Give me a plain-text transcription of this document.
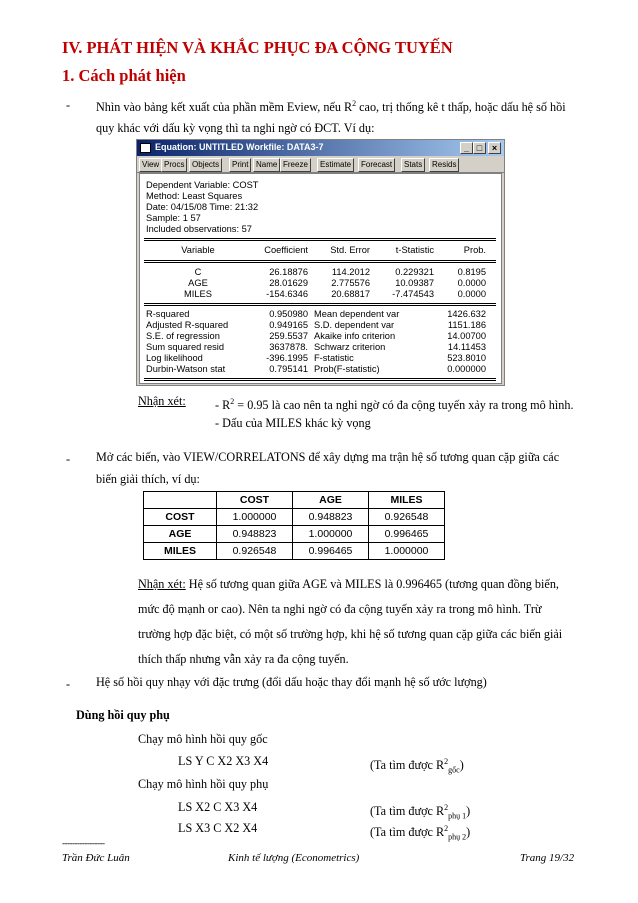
IV. PHÁT HIỆN VÀ KHẮC PHỤC ĐA CỘNG TUYẾN
1. Cách phát hiện
- Nhìn vào bảng kết xuất của phần mềm Eview, nếu $R^2$ cao, trị thống kê t thấp, hoặc dấu hệ số hồi
quy khác với dấu kỳ vọng thì ta nghi ngờ có ĐCT. Ví dụ:
Equation: UNTITLED Workfile: DATA3-7	_ □	×
View Procs Objects	Print Name Freeze	Estimate	Forecast	Stats	Resids
Dependent Variable: COST
Method: Least Squares
Date: 04/15/08 Time: 21:32
Sample: 1 57
Included observations: 57
Variable	Coefficient	Std. Error	t-Statistic	Prob.
C	26.18876	114.2012	0.229321	0.8195
AGE	28.01629	2.775576	10.09387	0.0000
MILES	-154.6346	20.68817	-7.474543	0.0000
R-squared	0.950980 Mean dependent var	1426.632
Adjusted R-squared	0.949165 S.D. dependent var	1151.186
S.E. of regression	259.5537 Akaike info criterion	14.00700
Sum squared resid	3637878. Schwarz criterion	14.11453
Log likelihood	-396.1995 F-statistic	523.8010
Durbin-Watson stat	0.795141 Prob(F-statistic)	0.000000
Nhận xét: - $R^2 = 0.95$ là cao nên ta nghi ngờ có đa cộng tuyến xảy ra trong mô hình.
- Dấu của MILES khác kỳ vọng
- Mở các biến, vào VIEW/CORRELATONS để xây dựng ma trận hệ số tương quan cặp giữa các
biến giải thích, ví dụ:
	COST	AGE	MILES
COST	1.000000	0.948823	0.926548
AGE	0.948823	1.000000	0.996465
MILES	0.926548	0.996465	1.000000
Nhận xét: Hệ số tương quan giữa AGE và MILES là 0.996465 (tương quan đồng biến,
mức độ mạnh or cao). Nên ta nghi ngờ có đa cộng tuyến xảy ra trong mô hình. Trừ
trường hợp đặc biệt, có một số trường hợp, khi hệ số tương quan cặp giữa các biến giải
thích thấp nhưng vẫn xảy ra đa cộng tuyến.
- Hệ số hồi quy nhạy với đặc trưng (đổi dấu hoặc thay đổi mạnh hệ số ước lượng)
Dùng hồi quy phụ
Chạy mô hình hồi quy gốc
LS Y C X2 X3 X4	(Ta tìm được $R^2_{gốc}$)
Chạy mô hình hồi quy phụ
LS X2 C X3 X4	(Ta tìm được $R^2_{phụ 1}$)
LS X3 C X2 X4	(Ta tìm được $R^2_{phụ 2}$)
-----------------
Trần Đức Luân	Kinh tế lượng (Econometrics)	Trang 19/32
